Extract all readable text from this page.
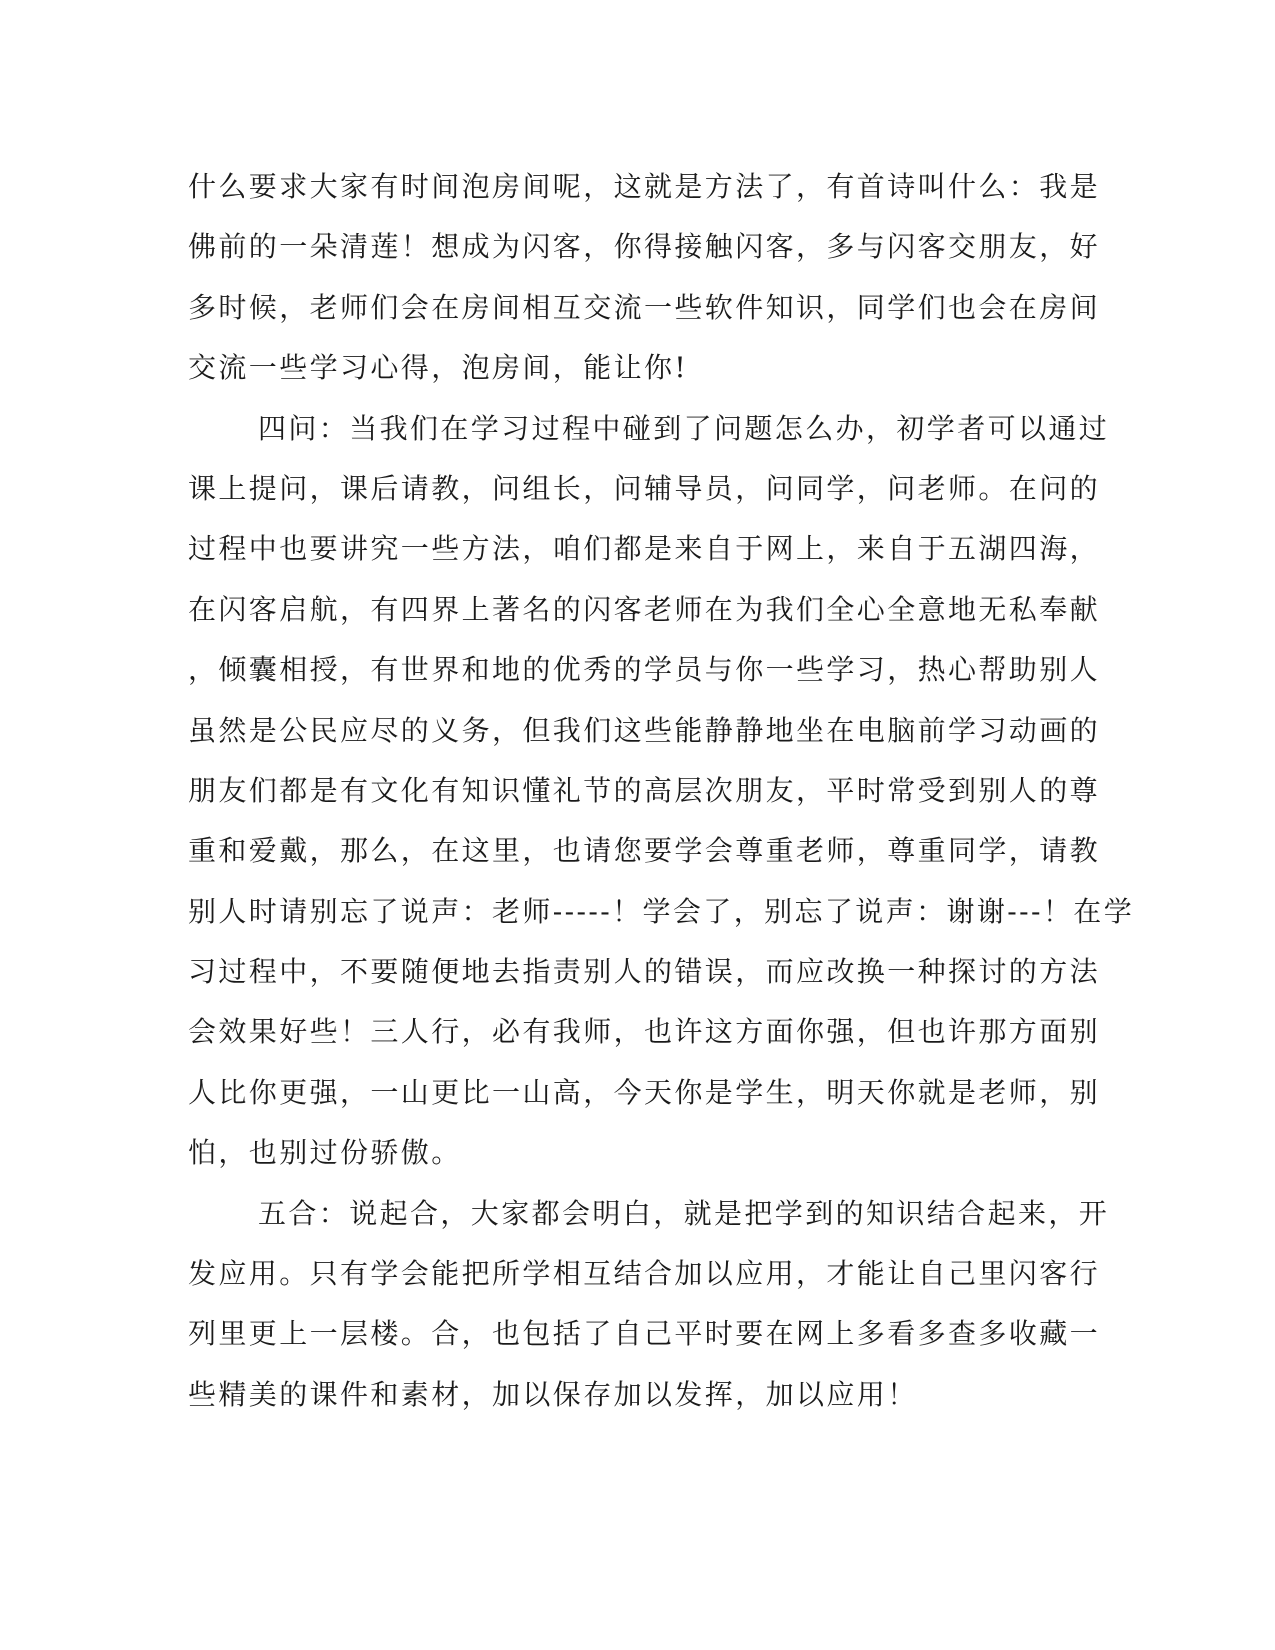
什么要求大家有时间泡房间呢，这就是方法了，有首诗叫什么：我是
佛前的一朵清莲！想成为闪客，你得接触闪客，多与闪客交朋友，好
多时候，老师们会在房间相互交流一些软件知识，同学们也会在房间
交流一些学习心得，泡房间，能让你!
四问：当我们在学习过程中碰到了问题怎么办，初学者可以通过
课上提问，课后请教，问组长，问辅导员，问同学，问老师。在问的
过程中也要讲究一些方法，咱们都是来自于网上，来自于五湖四海，
在闪客启航，有四界上著名的闪客老师在为我们全心全意地无私奉献
，倾囊相授，有世界和地的优秀的学员与你一些学习，热心帮助别人
虽然是公民应尽的义务，但我们这些能静静地坐在电脑前学习动画的
朋友们都是有文化有知识懂礼节的高层次朋友，平时常受到别人的尊
重和爱戴，那么，在这里，也请您要学会尊重老师，尊重同学，请教
别人时请别忘了说声：老师-----！学会了，别忘了说声：谢谢---！在学
习过程中，不要随便地去指责别人的错误，而应改换一种探讨的方法
会效果好些！三人行，必有我师，也许这方面你强，但也许那方面别
人比你更强，一山更比一山高，今天你是学生，明天你就是老师，别
怕，也别过份骄傲。
五合：说起合，大家都会明白，就是把学到的知识结合起来，开
发应用。只有学会能把所学相互结合加以应用，才能让自己里闪客行
列里更上一层楼。合，也包括了自己平时要在网上多看多查多收藏一
些精美的课件和素材，加以保存加以发挥，加以应用！
